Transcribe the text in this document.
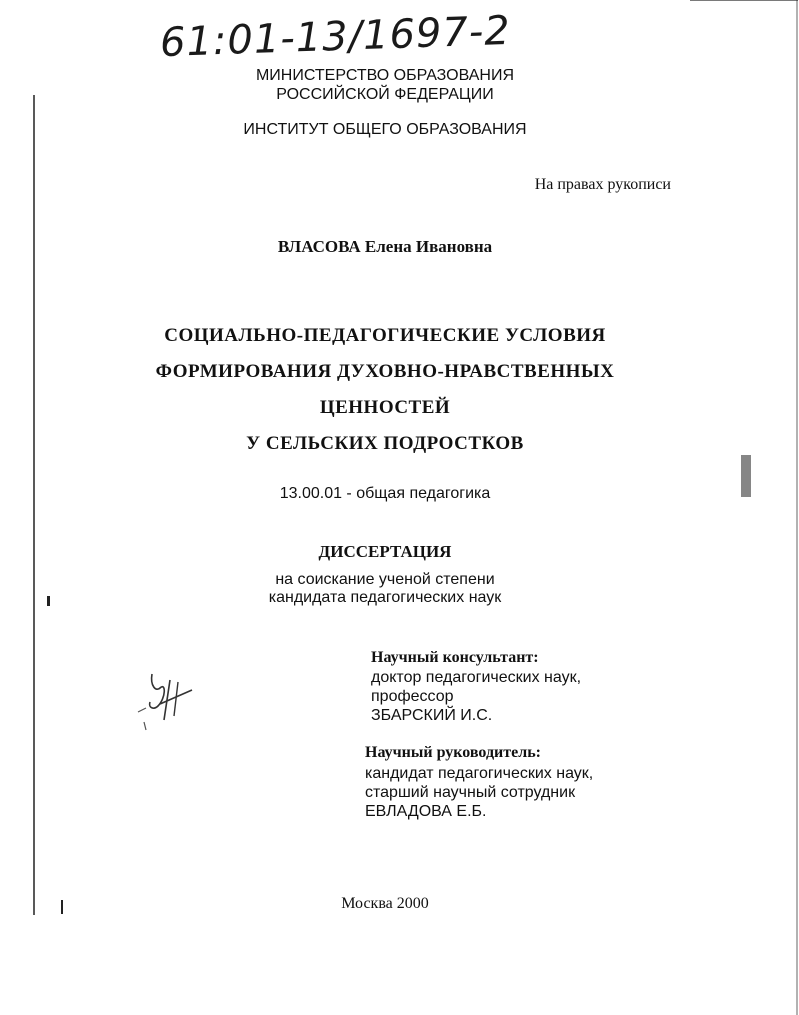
61:01-13/1697-2
МИНИСТЕРСТВО ОБРАЗОВАНИЯ
РОССИЙСКОЙ ФЕДЕРАЦИИ
ИНСТИТУТ ОБЩЕГО ОБРАЗОВАНИЯ
На правах рукописи
ВЛАСОВА Елена Ивановна
СОЦИАЛЬНО-ПЕДАГОГИЧЕСКИЕ УСЛОВИЯ
ФОРМИРОВАНИЯ ДУХОВНО-НРАВСТВЕННЫХ
ЦЕННОСТЕЙ
У СЕЛЬСКИХ ПОДРОСТКОВ
13.00.01 - общая педагогика
ДИССЕРТАЦИЯ
на соискание ученой степени
кандидата педагогических наук
Научный консультант:
доктор педагогических наук,
профессор
ЗБАРСКИЙ И.С.
Научный руководитель:
кандидат педагогических наук,
старший научный сотрудник
ЕВЛАДОВА Е.Б.
Москва 2000
